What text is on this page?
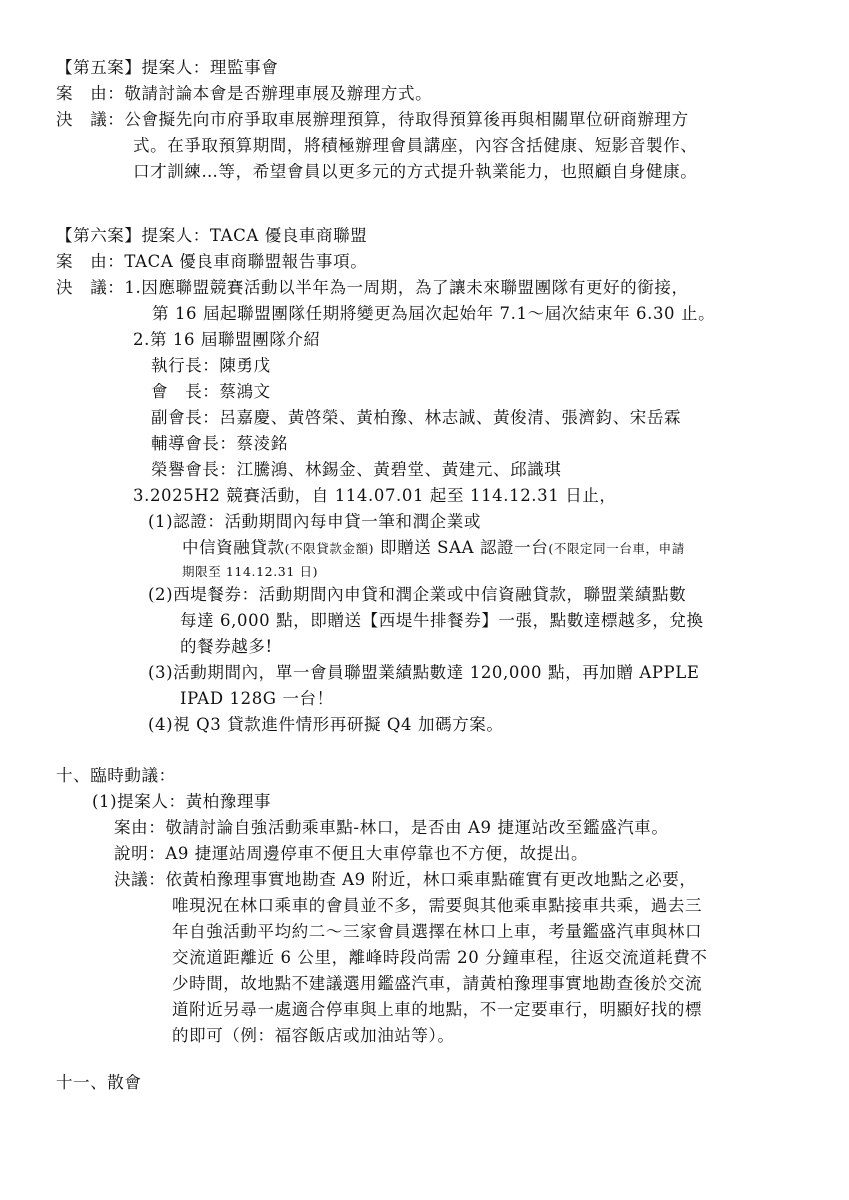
【第五案】提案人：理監事會
案　由：敬請討論本會是否辦理車展及辦理方式。
決　議：公會擬先向市府爭取車展辦理預算，待取得預算後再與相關單位研商辦理方
式。在爭取預算期間，將積極辦理會員講座，內容含括健康、短影音製作、
口才訓練…等，希望會員以更多元的方式提升執業能力，也照顧自身健康。
【第六案】提案人：TACA 優良車商聯盟
案　由：TACA 優良車商聯盟報告事項。
決　議：1.因應聯盟競賽活動以半年為一周期，為了讓未來聯盟團隊有更好的銜接，
第 16 屆起聯盟團隊任期將變更為屆次起始年 7.1～屆次結束年 6.30 止。
2.第 16 屆聯盟團隊介紹
執行長：陳勇戊
會　長：蔡鴻文
副會長：呂嘉慶、黃啓榮、黃柏豫、林志誠、黃俊清、張濟鈞、宋岳霖
輔導會長：蔡淩銘
榮譽會長：江騰鴻、林錫金、黃碧堂、黃建元、邱識琪
3.2025H2 競賽活動，自 114.07.01 起至 114.12.31 日止，
(1)認證：活動期間內每申貸一筆和潤企業或
中信資融貸款(不限貸款金額) 即贈送 SAA 認證一台(不限定同一台車，申請
期限至 114.12.31 日)
(2)西堤餐券：活動期間內申貸和潤企業或中信資融貸款，聯盟業績點數
每達 6,000 點，即贈送【西堤牛排餐券】一張，點數達標越多，兌換
的餐券越多!
(3)活動期間內，單一會員聯盟業績點數達 120,000 點，再加贈 APPLE
IPAD 128G 一台！
(4)視 Q3 貸款進件情形再研擬 Q4 加碼方案。
十、臨時動議：
(1)提案人：黃柏豫理事
案由：敬請討論自強活動乘車點-林口，是否由 A9 捷運站改至鑑盛汽車。
說明：A9 捷運站周邊停車不便且大車停靠也不方便，故提出。
決議：依黃柏豫理事實地勘查 A9 附近，林口乘車點確實有更改地點之必要，
唯現況在林口乘車的會員並不多，需要與其他乘車點接車共乘，過去三
年自強活動平均約二～三家會員選擇在林口上車，考量鑑盛汽車與林口
交流道距離近 6 公里，離峰時段尚需 20 分鐘車程，往返交流道耗費不
少時間，故地點不建議選用鑑盛汽車，請黃柏豫理事實地勘查後於交流
道附近另尋一處適合停車與上車的地點，不一定要車行，明顯好找的標
的即可（例：福容飯店或加油站等）。
十一、散會
